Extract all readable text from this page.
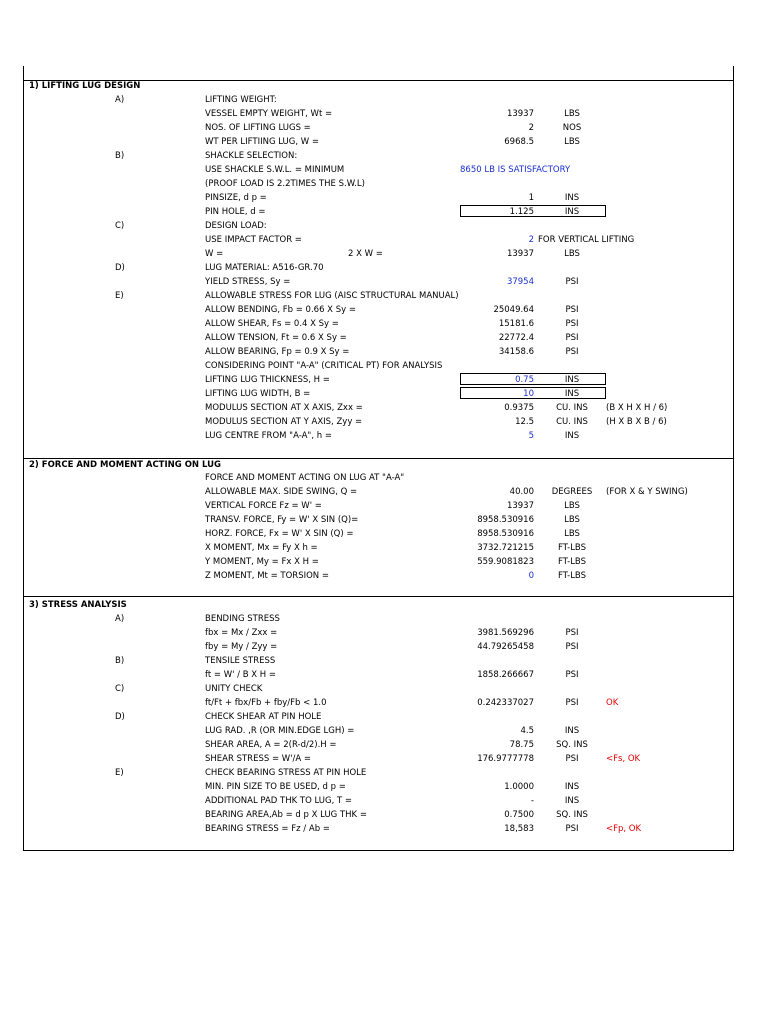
1) LIFTING LUG DESIGN
A)	LIFTING WEIGHT:
VESSEL EMPTY WEIGHT, Wt =	13937	LBS
NOS. OF LIFTING LUGS =	2	NOS
WT PER LIFTIING LUG, W =	6968.5	LBS
B)	SHACKLE SELECTION:
USE SHACKLE S.W.L. = MINIMUM	8650 LB IS SATISFACTORY
(PROOF LOAD IS 2.2TIMES THE S.W.L)
PINSIZE, d p =	1	INS
PIN HOLE, d =	1.125	INS
C)	DESIGN LOAD:
USE IMPACT FACTOR =	2 FOR VERTICAL LIFTING
W =	2 X W =	13937	LBS
D)	LUG MATERIAL: A516-GR.70
YIELD STRESS, Sy =	37954	PSI
E)	ALLOWABLE STRESS FOR LUG (AISC STRUCTURAL MANUAL)
ALLOW BENDING, Fb = 0.66 X Sy =	25049.64	PSI
ALLOW SHEAR, Fs = 0.4 X Sy =	15181.6	PSI
ALLOW TENSION, Ft = 0.6 X Sy =	22772.4	PSI
ALLOW BEARING, Fp = 0.9 X Sy =	34158.6	PSI
CONSIDERING POINT "A-A" (CRITICAL PT) FOR ANALYSIS
LIFTING LUG THICKNESS, H =	0.75	INS
LIFTING LUG WIDTH, B =	10	INS
MODULUS SECTION AT X AXIS, Zxx =	0.9375	CU. INS	(B X H X H / 6)
MODULUS SECTION AT Y AXIS, Zyy =	12.5	CU. INS	(H X B X B / 6)
LUG CENTRE FROM "A-A", h =	5	INS
2) FORCE AND MOMENT ACTING ON LUG
FORCE AND MOMENT ACTING ON LUG AT "A-A"
ALLOWABLE MAX. SIDE SWING, Q =	40.00	DEGREES	(FOR X & Y SWING)
VERTICAL FORCE Fz = W' =	13937	LBS
TRANSV. FORCE, Fy = W' X SIN (Q)=	8958.530916	LBS
HORZ. FORCE, Fx = W' X SIN (Q) =	8958.530916	LBS
X MOMENT, Mx = Fy X h =	3732.721215	FT-LBS
Y MOMENT, My = Fx X H =	559.9081823	FT-LBS
Z MOMENT, Mt = TORSION =	0	FT-LBS
3) STRESS ANALYSIS
A)	BENDING STRESS
fbx = Mx / Zxx =	3981.569296	PSI
fby = My / Zyy =	44.79265458	PSI
B)	TENSILE STRESS
ft = W' / B X H =	1858.266667	PSI
C)	UNITY CHECK
ft/Ft + fbx/Fb + fby/Fb < 1.0	0.242337027	PSI	OK
D)	CHECK SHEAR AT PIN HOLE
LUG RAD. ,R (OR MIN.EDGE LGH) =	4.5	INS
SHEAR AREA, A = 2(R-d/2).H =	78.75	SQ. INS
SHEAR STRESS = W'/A =	176.9777778	PSI	<Fs, OK
E)	CHECK BEARING STRESS AT PIN HOLE
MIN. PIN SIZE TO BE USED, d p =	1.0000	INS
ADDITIONAL PAD THK TO LUG, T =	-	INS
BEARING AREA,Ab = d p X LUG THK =	0.7500	SQ. INS
BEARING STRESS = Fz / Ab =	18,583	PSI	<Fp, OK
